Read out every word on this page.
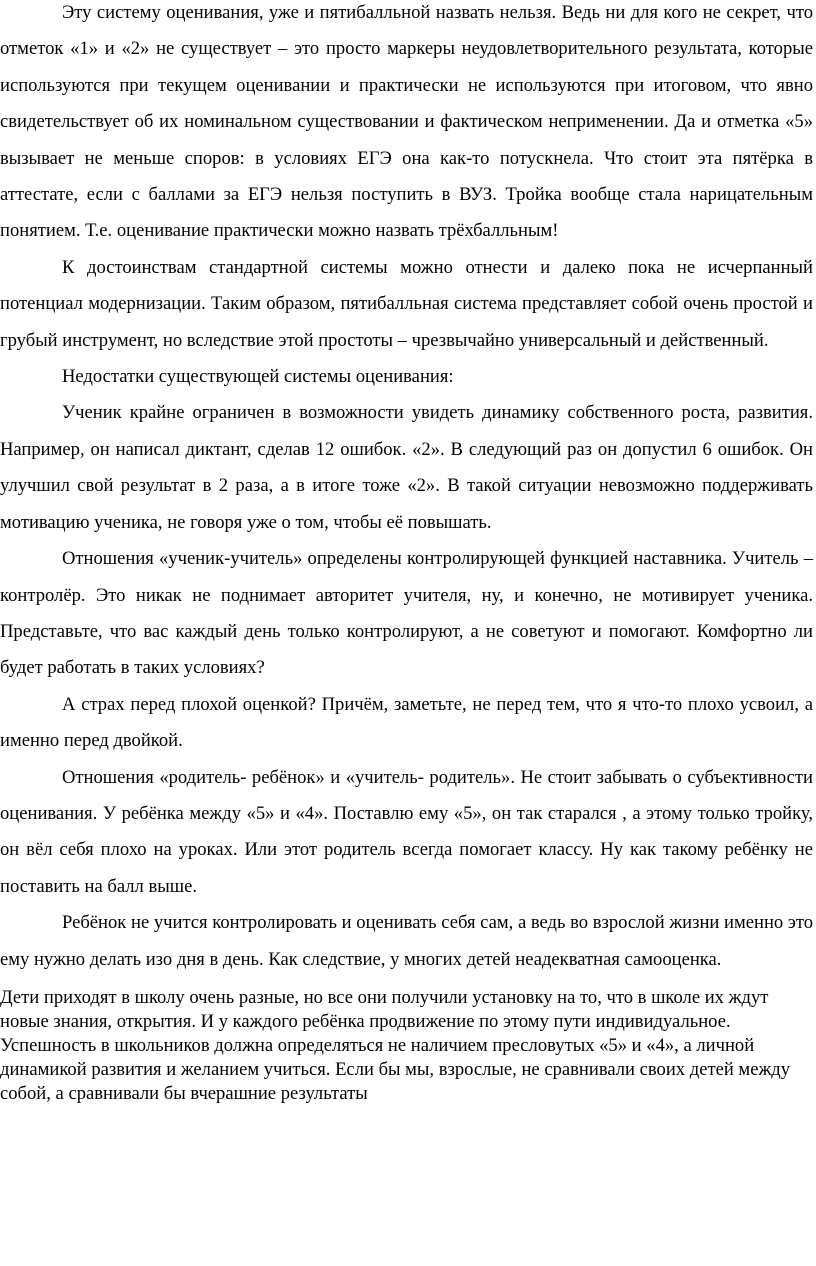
Эту систему оценивания, уже и пятибалльной назвать нельзя. Ведь ни для кого не секрет, что отметок «1» и «2» не существует – это просто маркеры неудовлетворительного результата, которые используются при текущем оценивании и практически не используются при итоговом, что явно свидетельствует об их номинальном существовании и фактическом неприменении. Да и отметка «5» вызывает не меньше споров: в условиях ЕГЭ она как-то потускнела. Что стоит эта пятёрка в аттестате, если с баллами за ЕГЭ нельзя поступить в ВУЗ. Тройка вообще стала нарицательным понятием. Т.е. оценивание практически можно назвать трёхбалльным!

К достоинствам стандартной системы можно отнести и далеко пока не исчерпанный потенциал модернизации. Таким образом, пятибалльная система представляет собой очень простой и грубый инструмент, но вследствие этой простоты – чрезвычайно универсальный и действенный.

Недостатки существующей системы оценивания:

Ученик крайне ограничен в возможности увидеть динамику собственного роста, развития. Например, он написал диктант, сделав 12 ошибок. «2». В следующий раз он допустил 6 ошибок. Он улучшил свой результат в 2 раза, а в итоге тоже «2». В такой ситуации невозможно поддерживать мотивацию ученика, не говоря уже о том, чтобы её повышать.

Отношения «ученик-учитель» определены контролирующей функцией наставника. Учитель – контролёр. Это никак не поднимает авторитет учителя, ну, и конечно, не мотивирует ученика. Представьте, что вас каждый день только контролируют, а не советуют и помогают. Комфортно ли будет работать в таких условиях?

А страх перед плохой оценкой? Причём, заметьте, не перед тем, что я что-то плохо усвоил, а именно перед двойкой.

Отношения «родитель- ребёнок» и «учитель- родитель». Не стоит забывать о субъективности оценивания. У ребёнка между «5» и «4». Поставлю ему «5», он так старался , а этому только тройку, он вёл себя плохо на уроках. Или этот родитель всегда помогает классу. Ну как такому ребёнку не поставить на балл выше.

Ребёнок не учится контролировать и оценивать себя сам, а ведь во взрослой жизни именно это ему нужно делать изо дня в день. Как следствие, у многих детей неадекватная самооценка.

Дети приходят в школу очень разные, но все они получили установку на то, что в школе их ждут новые знания, открытия. И у каждого ребёнка продвижение по этому пути индивидуальное. Успешность в школьников должна определяться не наличием пресловутых «5» и «4», а личной динамикой развития и желанием учиться. Если бы мы, взрослые, не сравнивали своих детей между собой, а сравнивали бы вчерашние результаты
